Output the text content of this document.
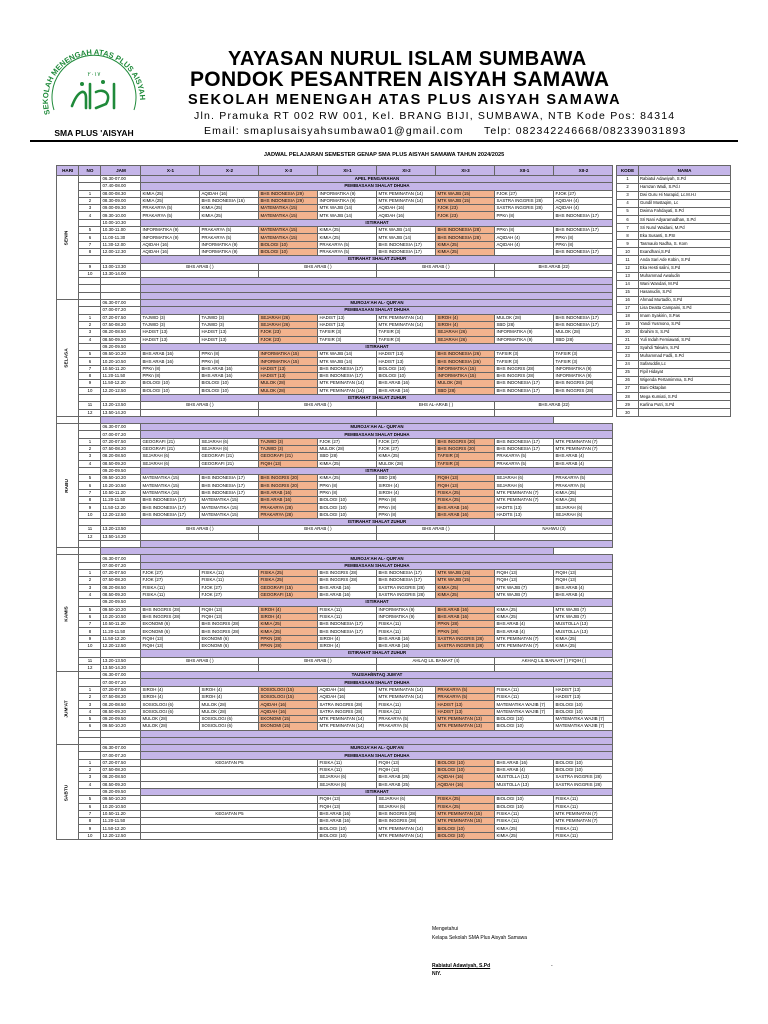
SEKOLAH MENENGAH ATAS PLUS AISYAH
٢٠١٧
SMA PLUS 'AISYAH
YAYASAN NURUL ISLAM SUMBAWA
PONDOK PESANTREN AISYAH SAMAWA
SEKOLAH MENENGAH ATAS PLUS AISYAH SAMAWA
Jln. Pramuka RT 002 RW 001, Kel. BRANG BIJI, SUMBAWA, NTB Kode Pos: 84314
Email: smaplusaisyahsumbawa01@gmail.com Telp: 082342246668/082339031893
JADWAL PELAJARAN SEMESTER GENAP SMA PLUS AISYAH SAMAWA TAHUN 2024/2025
HARI	NO	JAM	X-1	X-2	X-3	XI-1	XI-2	XI-3	XII-1	XII-2
SENIN		06.30-07.00	APEL PENGARAHAN							
		07.40-08.00	PEMBIASAAN SHALAT DHUHA							
	1	08.00-08.30	KIMIA (25)	AQIDAH (16)	BHS INDONESIA (29)	INFORMATIKA (9)	MTK PEMINATAN (14)	MTK WAJIB (15)	FJOK (27)	FJOK (27)
	2	08.30-09.00	KIMIA (25)	BHS INDONESIA (16)	BHS INDONESIA (29)	INFORMATIKA (9)	MTK PEMINATAN (14)	MTK WAJIB (15)	SASTRA INGGRIS (28)	AQIDAH (4)
	3	09.00-09.30	PRAKARYA (5)	KIMIA (25)	MATEMATIKA (15)	MTK WAJIB (14)	AQIDAH (16)	FJOK (23)	SASTRA INGGRIS (28)	AQIDAH (4)
	4	09.30-10.00	PRAKARYA (5)	KIMIA (25)	MATEMATIKA (15)	MTK WAJIB (14)	AQIDAH (16)	FJOK (23)	PPKn (8)	BHS INDONESIA (17)
		10.00-10.30	ISTIRAHAT							
	5	10.30-11.00	INFORMATIKA (9)	PRAKARYA (5)	MATEMATIKA (15)	KIMIA (25)	MTK WAJIB (14)	BHS INDONESIA (28)	PPKn (8)	BHS INDONESIA (17)
	6	11.00-11.30	INFORMATIKA (9)	PRAKARYA (5)	MATEMATIKA (15)	KIMIA (25)	MTK WAJIB (14)	BHS INDONESIA (28)	AQIDAH (4)	PPKn (8)
	7	11.30-12.00	AQIDAH (16)	INFORMATIKA (9)	BIOLOGI (10)	PRAKARYA (5)	BHS INDONESIA (17)	KIMIA (25)	AQIDAH (4)	PPKn (8)
	8	12.00-12.30	AQIDAH (16)	INFORMATIKA (9)	BIOLOGI (10)	PRAKARYA (5)	BHS INDONESIA (17)	KIMIA (25)		BHS INDONESIA (17)
			ISTIRAHAT SHALAT ZUHUR							
	9	13.00-13.30	BHS ARAB ( )		BHS ARAB ( )		BHS ARAB ( )		BHS ARAB (22)	
	10	13.30-14.00								

SELASA		06.30-07.00	MUROJA'AH AL- QUR'AN							
		07.00-07.20	PEMBIASAAN SHALAT DHUHA							
	1	07.20-07.50	TAJWID (3)	TAJWID (3)	SEJARAH (26)	HADIST (13)	MTK PEMINATAN (14)	SIROH (4)	MULOK (28)	BHS INDONESIA (17)
	2	07.50-08.20	TAJWID (3)	TAJWID (3)	SEJARAH (26)	HADIST (13)	MTK PEMINATAN (14)	SIROH (4)	SBD (28)	BHS INDONESIA (17)
	3	08.20-08.50	HADIST (13)	HADIST (13)	FJOK (23)	TAFSIR (3)	TAFSIR (3)	SEJARAH (26)	INFORMATIKA (9)	MULOK (28)
	4	08.50-09.20	HADIST (13)	HADIST (13)	FJOK (23)	TAFSIR (3)	TAFSIR (3)	SEJARAH (26)	INFORMATIKA (9)	SBD (28)
		09.20-09.50	ISTIRAHAT							
	5	09.50-10.20	BHS ARAB (16)	PPKn (8)	INFORMATIKA (15)	MTK WAJIB (14)	HADIST (13)	BHS INDONESIA (26)	TAFSIR (3)	TAFSIR (3)
	6	10.20-10.50	BHS ARAB (16)	PPKn (8)	INFORMATIKA (15)	MTK WAJIB (14)	HADIST (13)	BHS INDONESIA (26)	TAFSIR (3)	TAFSIR (3)
	7	10.50-11.20	PPKn (8)	BHS ARAB (16)	HADIST (13)	BHS INDONESIA (17)	BIOLOGI (10)	INFORMATIKA (15)	BHS INGGRIS (28)	INFORMATIKA (9)
	8	11.20-11.50	PPKn (8)	BHS ARAB (16)	HADIST (13)	BHS INDONESIA (17)	BIOLOGI (10)	INFORMATIKA (15)	BHS INGGRIS (28)	INFORMATIKA (9)
	9	11.50-12.20	BIOLOGI (10)	BIOLOGI (10)	MULOK (28)	MTK PEMINATAN (14)	BHS ARAB (16)	MULOK (28)	BHS INDONESIA (17)	BHS INGGRIS (28)
	10	12.20-12.50	BIOLOGI (10)	BIOLOGI (10)	MULOK (28)	MTK PEMINATAN (14)	BHS ARAB (16)	SBD (28)	BHS INDONESIA (17)	BHS INGGRIS (28)
			ISTIRAHAT SHALAT ZUHUR							
	11	13.20-13.50	BHS ARAB ( )		BHS ARAB ( )		BHS AL-ARAB ( )		BHS ARAB (22)	
	12	13.50-14.20								

RABU		06.30-07.00	MUROJA'AH AL- QUR'AN							
		07.00-07.20	PEMBIASAAN SHALAT DHUHA							
	1	07.20-07.50	GEOGRAFI (21)	SEJARAH (6)	TAJWID (3)	FJOK (27)	FJOK (27)	BHS INGGRIS (20)	BHS INDONESIA (17)	MTK PEMINATAN (7)
	2	07.50-08.20	GEOGRAFI (21)	SEJARAH (6)	TAJWID (3)	MULOK (28)	FJOK (27)	BHS INGGRIS (20)	BHS INDONESIA (17)	MTK PEMINATAN (7)
	3	08.20-08.50	SEJARAH (6)	GEOGRAFI (21)	GEOGRAFI (21)	SBD (28)	KIMIA (25)	TAFSIR (3)	PRAKARYA (5)	BHS ARAB (4)
	4	08.50-09.20	SEJARAH (6)	GEOGRAFI (21)	FIQIH (13)	KIMIA (25)	MULOK (28)	TAFSIR (3)	PRAKARYA (5)	BHS ARAB (4)
		09.20-09.50	ISTIRAHAT							
	5	09.50-10.20	MATEMATIKA (15)	BHS INDONESIA (17)	BHS INGGRIS (20)	KIMIA (25)	SBD (28)	FIQIH (13)	SEJARAH (6)	PRAKARYA (5)
	6	10.20-10.50	MATEMATIKA (15)	BHS INDONESIA (17)	BHS INGGRIS (20)	PPKn (8)	SIROH (4)	FIQIH (13)	SEJARAH (6)	PRAKARYA (5)
	7	10.50-11.20	MATEMATIKA (15)	BHS INDONESIA (17)	BHS ARAB (16)	PPKn (8)	SIROH (4)	FISIKA (25)	MTK PEMINATAN (7)	KIMIA (25)
	8	11.20-11.50	BHS INDONESIA (17)	MATEMATIKA (15)	BHS ARAB (16)	BIOLOGI (10)	PPKn (8)	FISIKA (25)	MTK PEMINATAN (7)	KIMIA (25)
	9	11.50-12.20	BHS INDONESIA (17)	MATEMATIKA (15)	PRAKARYA (28)	BIOLOGI (10)	PPKn (8)	BHS ARAB (16)	HADITS (13)	SEJARAH (6)
	10	12.20-12.50	BHS INDONESIA (17)	MATEMATIKA (15)	PRAKARYA (28)	BIOLOGI (10)	PPKn (8)	BHS ARAB (16)	HADITS (13)	SEJARAH (6)
			ISTIRAHAT SHALAT ZUHUR							
	11	13.20-13.50	BHS ARAB ( )		BHS ARAB ( )		BHS ARAB ( )		NAHWU (3)	
	12	13.50-14.20								

KAMIS		06.30-07.00	MUROJA'AH AL- QUR'AN							
		07.00-07.20	PEMBIASAAN SHALAT DHUHA							
	1	07.20-07.50	FJOK (27)	FISIKA (11)	FISIKA (25)	BHS INGGRIS (28)	BHS INDONESIA (17)	MTK WAJIB (15)	FIQIH (13)	FIQIH (13)
	2	07.50-08.20	FJOK (27)	FISIKA (11)	FISIKA (25)	BHS INGGRIS (28)	BHS INDONESIA (17)	MTK WAJIB (15)	FIQIH (13)	FIQIH (13)
	3	08.20-08.50	FISIKA (11)	FJOK (27)	GEOGRAFI (15)	BHS ARAB (16)	SASTRA INGGRIS (28)	KIMIA (25)	MTK WAJIB (7)	BHS ARAB (4)
	4	08.50-09.20	FISIKA (11)	FJOK (27)	GEOGRAFI (15)	BHS ARAB (16)	SASTRA INGGRIS (28)	KIMIA (25)	MTK WAJIB (7)	BHS ARAB (4)
		09.20-09.50	ISTIRAHAT							
	5	09.50-10.20	BHS INGGRIS (28)	FIQIH (13)	SIROH (4)	FISIKA (11)	INFORMATIKA (9)	BHS ARAB (16)	KIMIA (25)	MTK WAJIB (7)
	6	10.20-10.50	BHS INGGRIS (28)	FIQIH (13)	SIROH (4)	FISIKA (11)	INFORMATIKA (9)	BHS ARAB (16)	KIMIA (25)	MTK WAJIB (7)
	7	10.50-11.20	EKONOMI (6)	BHS INGGRIS (28)	KIMIA (25)	BHS INDONESIA (17)	FISIKA (11)	PPKN (28)	BHS ARAB (4)	MUSTOLLA (13)
	8	11.20-11.50	EKONOMI (6)	BHS INGGRIS (28)	KIMIA (25)	BHS INDONESIA (17)	FISIKA (11)	PPKN (28)	BHS ARAB (4)	MUSTOLLA (13)
	9	11.50-12.20	FIQIH (13)	EKONOMI (6)	PPKN (28)	SIROH (4)	BHS ARAB (16)	SASTRA INGGRIS (28)	MTK PEMINATAN (7)	KIMIA (25)
	10	12.20-12.50	FIQIH (13)	EKONOMI (6)	PPKN (28)	SIROH (4)	BHS ARAB (16)	SASTRA INGGRIS (28)	MTK PEMINATAN (7)	KIMIA (25)
			ISTIRAHAT SHALAT ZUHUR							
	11	13.20-13.50	BHS ARAB ( )		BHS ARAB ( )		AHLAQ LIL BANAAT (4)		AKHAQ LIL BANAAT ( ) FIQIH ( )	
	12	13.50-14.20								
JUM'AT		06.30-07.00	TAUSIAH/INTAQ JUM'AT							
		07.00-07.20	PEMBIASAAN SHALAT DHUHA							
	1	07.20-07.50	SIROH (4)	SIROH (4)	SOSIOLOGI (15)	AQIDAH (16)	MTK PEMINATAN (14)	PRAKARYA (5)	FISIKA (11)	HADIST (13)
	2	07.50-08.20	SIROH (4)	SIROH (4)	SOSIOLOGI (15)	AQIDAH (16)	MTK PEMINATAN (14)	PRAKARYA (5)	FISIKA (11)	HADIST (13)
	3	08.20-08.50	SOSIOLOGI (6)	MULOK (28)	AQIDAH (16)	SATRA INGGRIS (28)	FISIKA (11)	HADIST (13)	MATEMATIKA WAJIB (7)	BIOLOGI (10)
	4	08.50-09.20	SOSIOLOGI (6)	MULOK (28)	AQIDAH (16)	SATRA INGGRIS (28)	FISIKA (11)	HADIST (13)	MATEMATIKA WAJIB (7)	BIOLOGI (10)
	5	09.20-09.50	MULOK (28)	SOSIOLOGI (6)	EKONOMI (15)	MTK PEMINATAN (14)	PRAKARYA (5)	MTK PEMINATAN (13)	BIOLOGI (10)	MATEMATIKA WAJIB (7)
	6	09.50-10.20	MULOK (28)	SOSIOLOGI (6)	EKONOMI (15)	MTK PEMINATAN (14)	PRAKARYA (5)	MTK PEMINATAN (13)	BIOLOGI (10)	MATEMATIKA WAJIB (7)

SABTU		06.30-07.00	MUROJA'AH AL- QUR'AN							
		07.00-07.20	PEMBIASAAN SHALAT DHUHA							
	1	07.20-07.50	KEGIATAN P5			FISIKA (11)	FIQIH (13)	BIOLOGI (10)	BHS ARAB (16)	BIOLOGI (10)
	2	07.50-08.20				FISIKA (11)	FIQIH (13)	BIOLOGI (10)	BHS ARAB (4)	BIOLOGI (10)
	3	08.20-08.50				SEJARAH (6)	BHS ARAB (25)	AQIDAH (16)	MUSTOLLA (13)	SASTRA INGGRIS (28)
	4	08.50-09.20				SEJARAH (6)	BHS ARAB (25)	AQIDAH (16)	MUSTOLLA (13)	SASTRA INGGRIS (28)
		09.20-09.50	ISTIRAHAT							
	5	09.50-10.20				FIQIH (13)	SEJARAH (6)	FISIKA (25)	BIOLOGI (10)	FISIKA (11)
	6	10.20-10.50				FIQIH (13)	SEJARAH (6)	FISIKA (25)	BIOLOGI (10)	FISIKA (11)
	7	10.50-11.20	KEGIATAN P5			BHS ARAB (16)	BHS INGGRIS (28)	MTK PEMINATAN (15)	FISIKA (11)	MTK PEMINATAN (7)
	8	11.20-11.50				BHS ARAB (16)	BHS INGGRIS (28)	MTK PEMINATAN (15)	FISIKA (11)	MTK PEMINATAN (7)
	9	11.50-12.20				BIOLOGI (10)	MTK PEMINATAN (14)	BIOLOGI (10)	KIMIA (25)	FISIKA (11)
	10	12.20-12.50				BIOLOGI (10)	MTK PEMINATAN (14)	BIOLOGI (10)	KIMIA (25)	FISIKA (11)
KODE	NAMA
1	Rabiatul Adawiyah, S.Pd
2	Hamzan Wadi, S.Pd.I
3	Dwi Guru Hi Nurapid, Lc.M.H.I
4	Gundil Mustaqim, Lc
5	Dwima Fahdayati, S.Pd
6	Sri Nani Adyaramadhan, S.Pd
7	Sri Nurul Waidani, M.Pd
8	Eka Susanti, S.PSI
9	Tasmaulo Nadha, S. Kom
10	Exandhani,S.Pd
11	Anda Sari Ade Kobin, S.Pd
12	Eka Hesti salini, S.Pd
13	Muhammad Awaludin
14	Wani Wandari, M.Pd
15	Hasanudin, S.Pd
16	Ahmad Murtadlo, S.Pd
17	Lisa Deatta Campaini, S.Pd
18	Imam Syakirin, S.Pas
19	Yandi Yusmono, S.Pd
20	Ibrahim S, S.Pd
21	Yuli Indah Ferniawati, S.Pd
22	Syahdi Takwim, S.Pd
23	Muhammad Fadli, S.Pd
24	Safaruddin,Lc
25	Fipil Hidayat
26	Wigenda Pertamimma, S.Pd
27	Bani Oktaplan
28	Mega Kumiati, S.Pd
29	Karlina Putri, S.Pd
30	
Mengetahui
Kelapa Sekolah SMA Plus Aisyah Samawa
Rabiatul Adawiyah, S.Pd
NIY.
-
